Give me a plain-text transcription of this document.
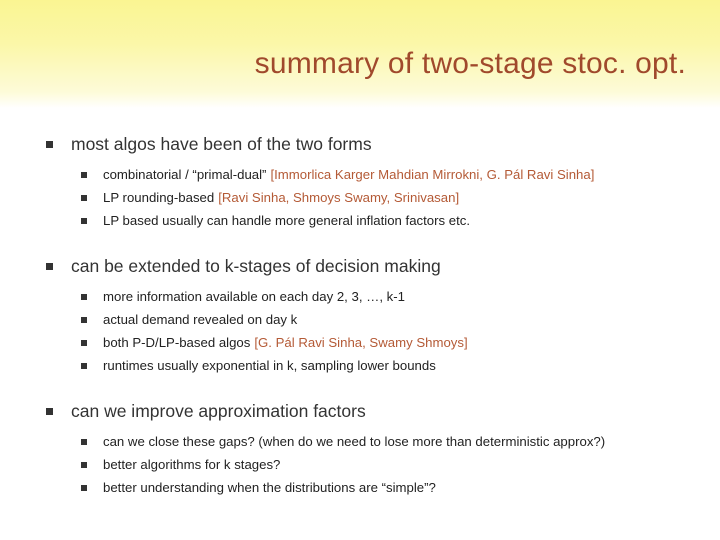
summary of two-stage stoc. opt.
most algos have been of the two forms
combinatorial / “primal-dual” [Immorlica Karger Mahdian Mirrokni, G. Pál Ravi Sinha]
LP rounding-based [Ravi Sinha, Shmoys Swamy, Srinivasan]
LP based usually can handle more general inflation factors etc.
can be extended to k-stages of decision making
more information available on each day 2, 3, …, k-1
actual demand revealed on day k
both P-D/LP-based algos [G. Pál Ravi Sinha, Swamy Shmoys]
runtimes usually exponential in k, sampling lower bounds
can we improve approximation factors
can we close these gaps? (when do we need to lose more than deterministic approx?)
better algorithms for k stages?
better understanding when the distributions are “simple”?
